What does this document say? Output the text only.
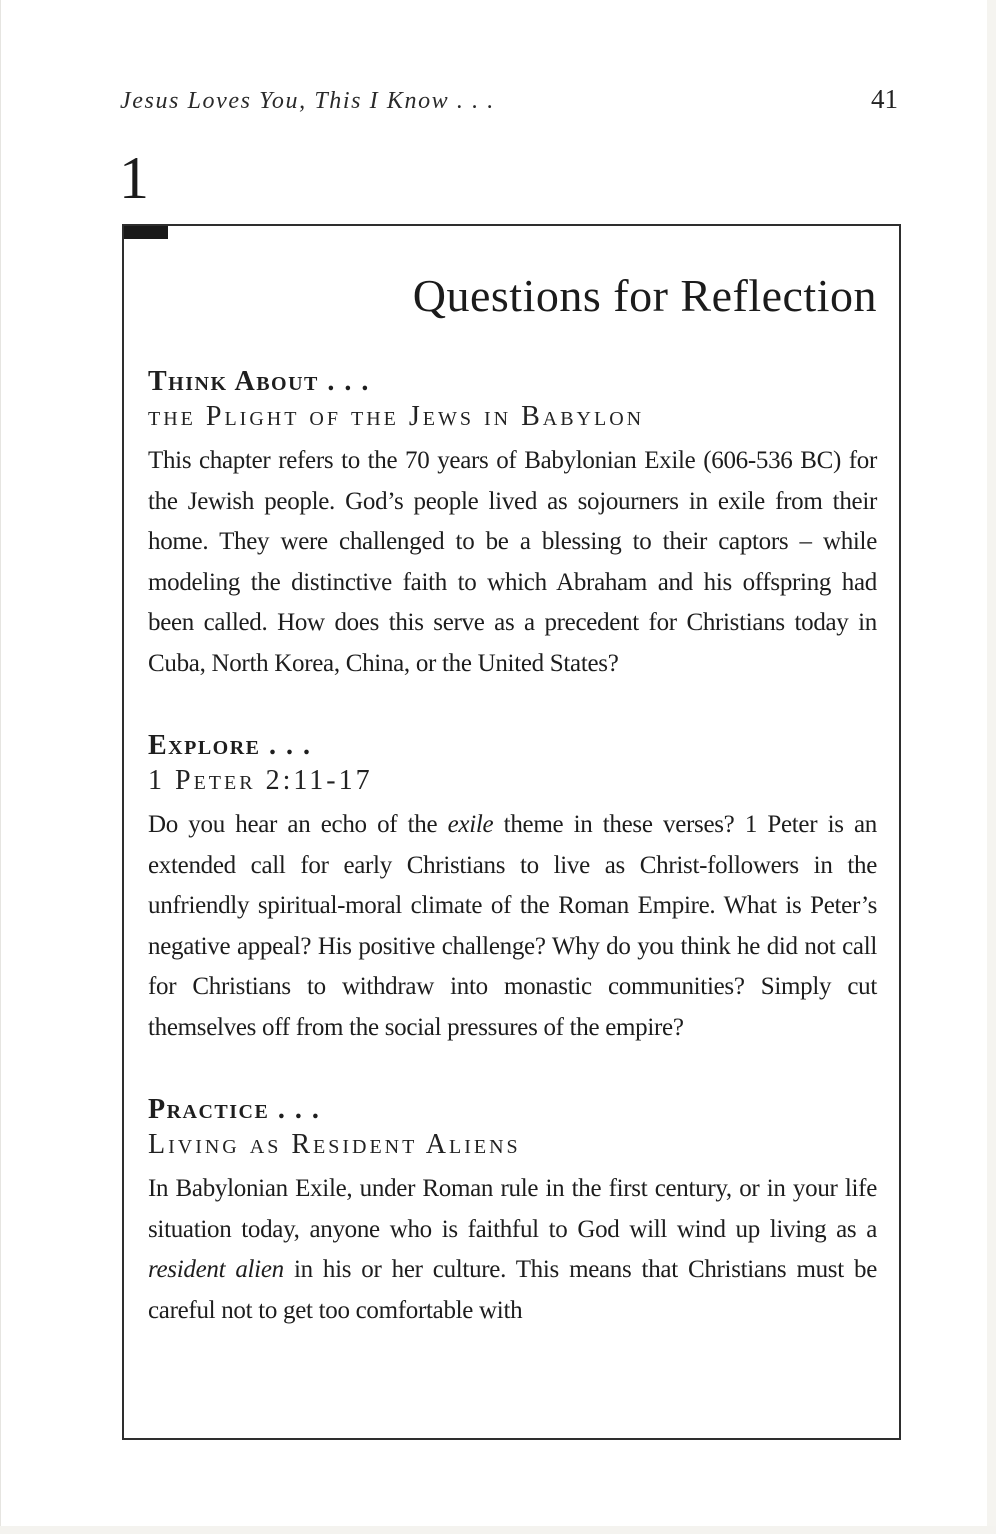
Jesus Loves You, This I Know . . .	41
1
Questions for Reflection
Think About . . .
the Plight of the Jews in Babylon

This chapter refers to the 70 years of Babylonian Exile (606-536 BC) for the Jewish people. God’s people lived as sojourners in exile from their home. They were challenged to be a blessing to their captors – while modeling the distinctive faith to which Abraham and his offspring had been called. How does this serve as a precedent for Christians today in Cuba, North Korea, China, or the United States?

Explore . . .
1 Peter 2:11-17

Do you hear an echo of the exile theme in these verses? 1 Peter is an extended call for early Christians to live as Christ-followers in the unfriendly spiritual-moral climate of the Roman Empire. What is Peter’s negative appeal? His positive challenge? Why do you think he did not call for Christians to withdraw into monastic communities? Simply cut themselves off from the social pressures of the empire?

Practice . . .
Living as Resident Aliens

In Babylonian Exile, under Roman rule in the first century, or in your life situation today, anyone who is faithful to God will wind up living as a resident alien in his or her culture. This means that Christians must be careful not to get too comfortable with
